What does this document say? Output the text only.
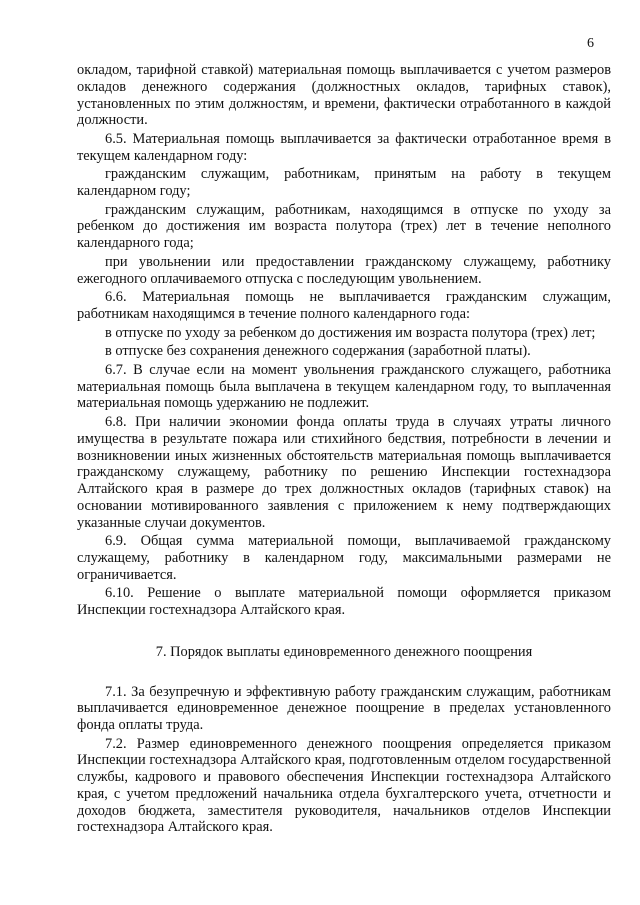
6

окладом, тарифной ставкой) материальная помощь выплачивается с учетом размеров окладов денежного содержания (должностных окладов, тарифных ставок), установленных по этим должностям, и времени, фактически отработанного в каждой должности.

6.5. Материальная помощь выплачивается за фактически отработанное время в текущем календарном году:

гражданским служащим, работникам, принятым на работу в текущем календарном году;

гражданским служащим, работникам, находящимся в отпуске по уходу за ребенком до достижения им возраста полутора (трех) лет в течение неполного календарного года;

при увольнении или предоставлении гражданскому служащему, работнику ежегодного оплачиваемого отпуска с последующим увольнением.

6.6. Материальная помощь не выплачивается гражданским служащим, работникам находящимся в течение полного календарного года:

в отпуске по уходу за ребенком до достижения им возраста полутора (трех) лет;

в отпуске без сохранения денежного содержания (заработной платы).

6.7. В случае если на момент увольнения гражданского служащего, работника материальная помощь была выплачена в текущем календарном году, то выплаченная материальная помощь удержанию не подлежит.

6.8. При наличии экономии фонда оплаты труда в случаях утраты личного имущества в результате пожара или стихийного бедствия, потребности в лечении и возникновении иных жизненных обстоятельств материальная помощь выплачивается гражданскому служащему, работнику по решению Инспекции гостехнадзора Алтайского края в размере до трех должностных окладов (тарифных ставок) на основании мотивированного заявления с приложением к нему подтверждающих указанные случаи документов.

6.9. Общая сумма материальной помощи, выплачиваемой гражданскому служащему, работнику в календарном году, максимальными размерами не ограничивается.

6.10. Решение о выплате материальной помощи оформляется приказом Инспекции гостехнадзора Алтайского края.

7. Порядок выплаты единовременного денежного поощрения

7.1. За безупречную и эффективную работу гражданским служащим, работникам выплачивается единовременное денежное поощрение в пределах установленного фонда оплаты труда.

7.2. Размер единовременного денежного поощрения определяется приказом Инспекции гостехнадзора Алтайского края, подготовленным отделом государственной службы, кадрового и правового обеспечения Инспекции гостехнадзора Алтайского края, с учетом предложений начальника отдела бухгалтерского учета, отчетности и доходов бюджета, заместителя руководителя, начальников отделов Инспекции гостехнадзора Алтайского края.
